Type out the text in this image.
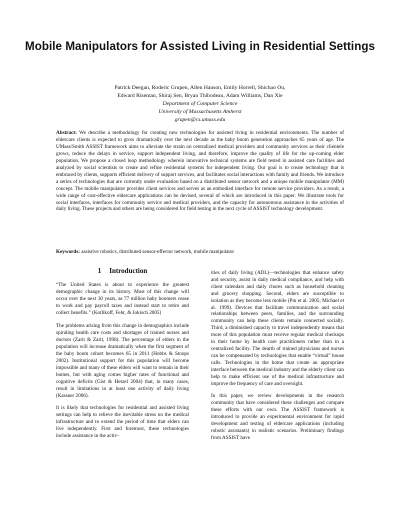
Mobile Manipulators for Assisted Living in Residential Settings
Patrick Deegan, Roderic Grupen, Allen Hanson, Emily Horrell, Shichao Ou,
Edward Riseman, Shiraj Sen, Bryan Thibodeau, Adam Williams, Dan Xie
Department of Computer Science
University of Massachusetts Amherst
grupen@cs.umass.edu
Abstract: We describe a methodology for creating new technologies for assisted living in residential environments. The number of eldercare clients is expected to grow dramatically over the next decade as the baby boom generation approaches 65 years of age. The UMass/Smith ASSIST framework aims to alleviate the strain on centralized medical providers and community services as their clientele grows, reduce the delays in service, support independent living, and therefore, improve the quality of life for the up-coming elder population. We propose a closed loop methodology wherein innovative technical systems are field tested in assisted care facilities and analyzed by social scientists to create and refine residential systems for independent living. Our goal is to create technology that is embraced by clients, supports efficient delivery of support services, and facilitates social interactions with family and friends. We introduce a series of technologies that are currently under evaluation based on a distributed sensor network and a unique mobile manipulator (MM) concept. The mobile manipulator provides client services and serves as an embodied interface for remote service providers. As a result, a wide range of cost-effective eldercare applications can be devised, several of which are introduced in this paper. We illustrate tools for social interfaces, interfaces for community service and medical providers, and the capacity for autonomous assistance in the activities of daily living. These projects and others are being considered for field testing in the next cycle of ASSIST technology development.
Keywords: assistive robotics, distributed sensor-effector network, mobile manipulator
1 Introduction

“The United States is about to experience the greatest demographic change in its history. Most of this change will occur over the next 30 years, as 77 million baby boomers cease to work and pay payroll taxes and instead start to retire and collect benefits.” (Kotlikoff, Fehr, & Jokisch 2005)

The problems arising from this change in demographics include spiraling health care costs and shortages of trained nurses and doctors (Zarit & Zarit, 1998). The percentage of elders in the population will increase dramatically when the first segment of the baby boom cohort becomes 65 in 2011 (Hobbs & Stoops 2002). Institutional support for this population will become impossible and many of these elders will want to remain in their homes, but with aging comes higher rates of functional and cognitive deficits (Gist & Hetzel 2004) that, in many cases, result in limitations in at least one activity of daily living (Kassner 2006).

It is likely that technologies for residential and assisted living settings can help to relieve the inevitable stress on the medical infrastructure and to extend the period of time that elders can live independently. First and foremost, these technologies include assistance in the activ-

ities of daily living (ADL)—technologies that enhance safety and security, assist in daily medical compliance, and help with client calendars and daily chores such as household cleaning and grocery shopping. Second, elders are susceptible to isolation as they become less mobile (Pin et al. 2005; Michael et al. 1999). Devices that facilitate communication and social relationships between peers, families, and the surrounding community can help these clients remain connected socially. Third, a diminished capacity to travel independently means that more of this population must receive regular medical checkups in their home by health care practitioners rather than in a centralized facility. The dearth of trained physicians and nurses can be compensated by technologies that enable “virtual” house calls. Technologies in the home that create an appropriate interface between the medical industry and the elderly client can help to make efficient use of the medical infrastructure and improve the frequency of care and oversight.

In this paper, we review developments in the research community that have considered these challenges and compare these efforts with our own. The ASSIST framework is introduced to provide an experimental environment for rapid development and testing of eldercare applications (including robotic assistants) in realistic scenarios. Preliminary findings from ASSIST have
